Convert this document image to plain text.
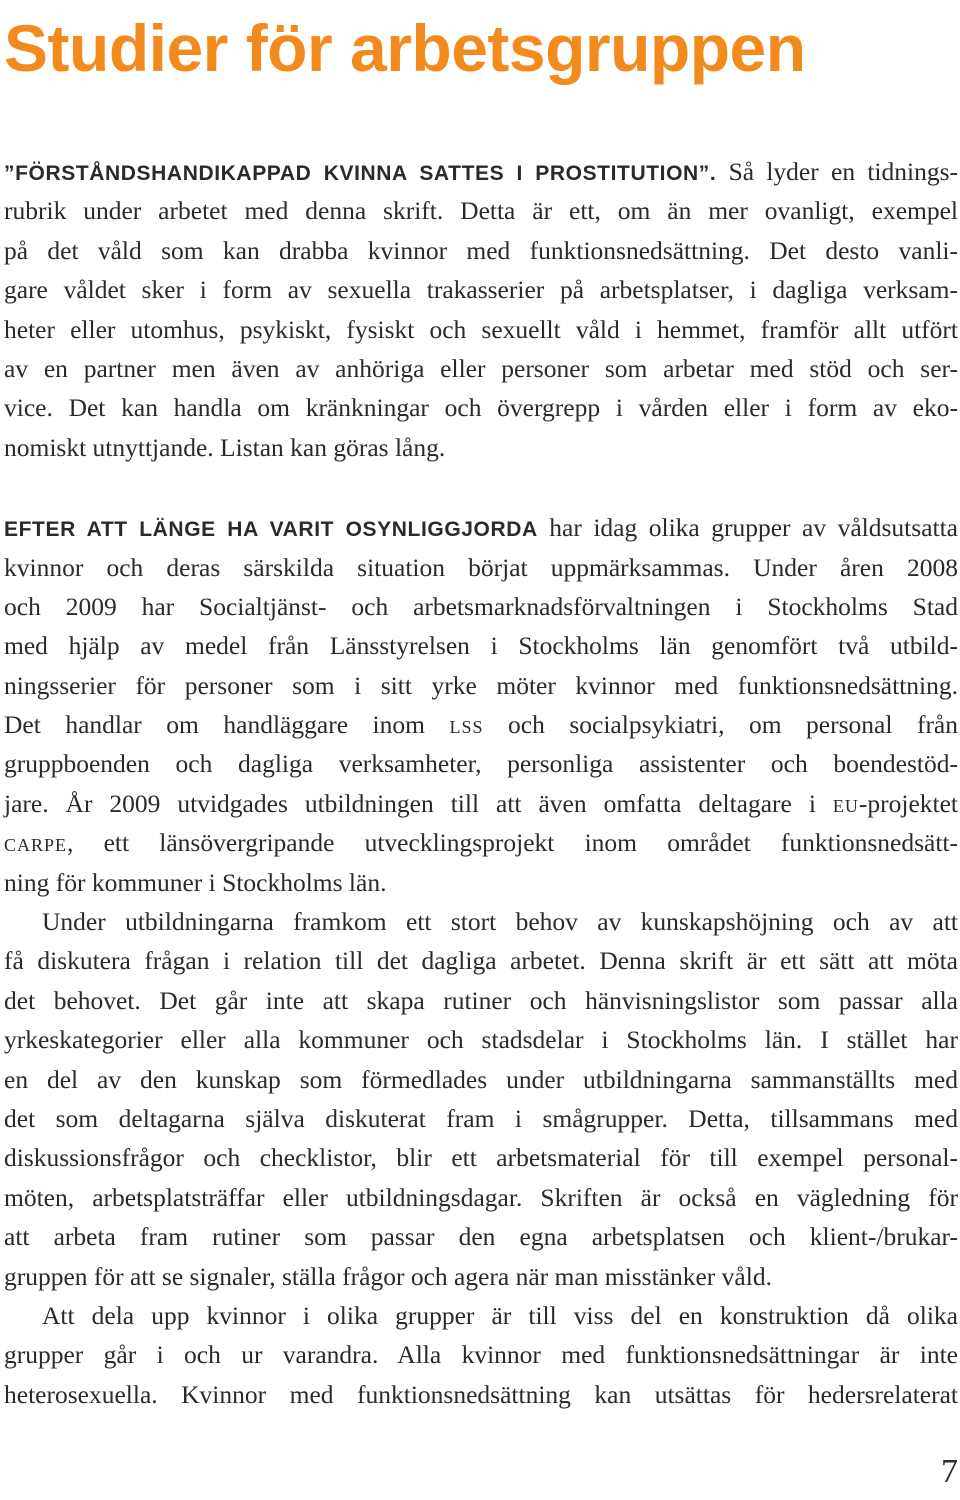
Studier för arbetsgruppen

”FÖRSTÅNDSHANDIKAPPAD KVINNA SATTES I PROSTITUTION”. Så lyder en tidnings-
rubrik under arbetet med denna skrift. Detta är ett, om än mer ovanligt, exempel
på det våld som kan drabba kvinnor med funktionsnedsättning. Det desto vanli-
gare våldet sker i form av sexuella trakasserier på arbetsplatser, i dagliga verksam-
heter eller utomhus, psykiskt, fysiskt och sexuellt våld i hemmet, framför allt utfört
av en partner men även av anhöriga eller personer som arbetar med stöd och ser-
vice. Det kan handla om kränkningar och övergrepp i vården eller i form av eko-
nomiskt utnyttjande. Listan kan göras lång.

EFTER ATT LÄNGE HA VARIT OSYNLIGGJORDA har idag olika grupper av våldsutsatta
kvinnor och deras särskilda situation börjat uppmärksammas. Under åren 2008
och 2009 har Socialtjänst- och arbetsmarknadsförvaltningen i Stockholms Stad
med hjälp av medel från Länsstyrelsen i Stockholms län genomfört två utbild-
ningsserier för personer som i sitt yrke möter kvinnor med funktionsnedsättning.
Det handlar om handläggare inom lss och socialpsykiatri, om personal från
gruppboenden och dagliga verksamheter, personliga assistenter och boendestöd-
jare. År 2009 utvidgades utbildningen till att även omfatta deltagare i eu-projektet
carpe, ett länsövergripande utvecklingsprojekt inom området funktionsnedsätt-
ning för kommuner i Stockholms län.

Under utbildningarna framkom ett stort behov av kunskapshöjning och av att
få diskutera frågan i relation till det dagliga arbetet. Denna skrift är ett sätt att möta
det behovet. Det går inte att skapa rutiner och hänvisningslistor som passar alla
yrkeskategorier eller alla kommuner och stadsdelar i Stockholms län. I stället har
en del av den kunskap som förmedlades under utbildningarna sammanställts med
det som deltagarna själva diskuterat fram i smågrupper. Detta, tillsammans med
diskussionsfrågor och checklistor, blir ett arbetsmaterial för till exempel personal-
möten, arbetsplatsträffar eller utbildningsdagar. Skriften är också en vägledning för
att arbeta fram rutiner som passar den egna arbetsplatsen och klient-/brukar-
gruppen för att se signaler, ställa frågor och agera när man misstänker våld.

Att dela upp kvinnor i olika grupper är till viss del en konstruktion då olika
grupper går i och ur varandra. Alla kvinnor med funktionsnedsättningar är inte
heterosexuella. Kvinnor med funktionsnedsättning kan utsättas för hedersrelaterat

7
